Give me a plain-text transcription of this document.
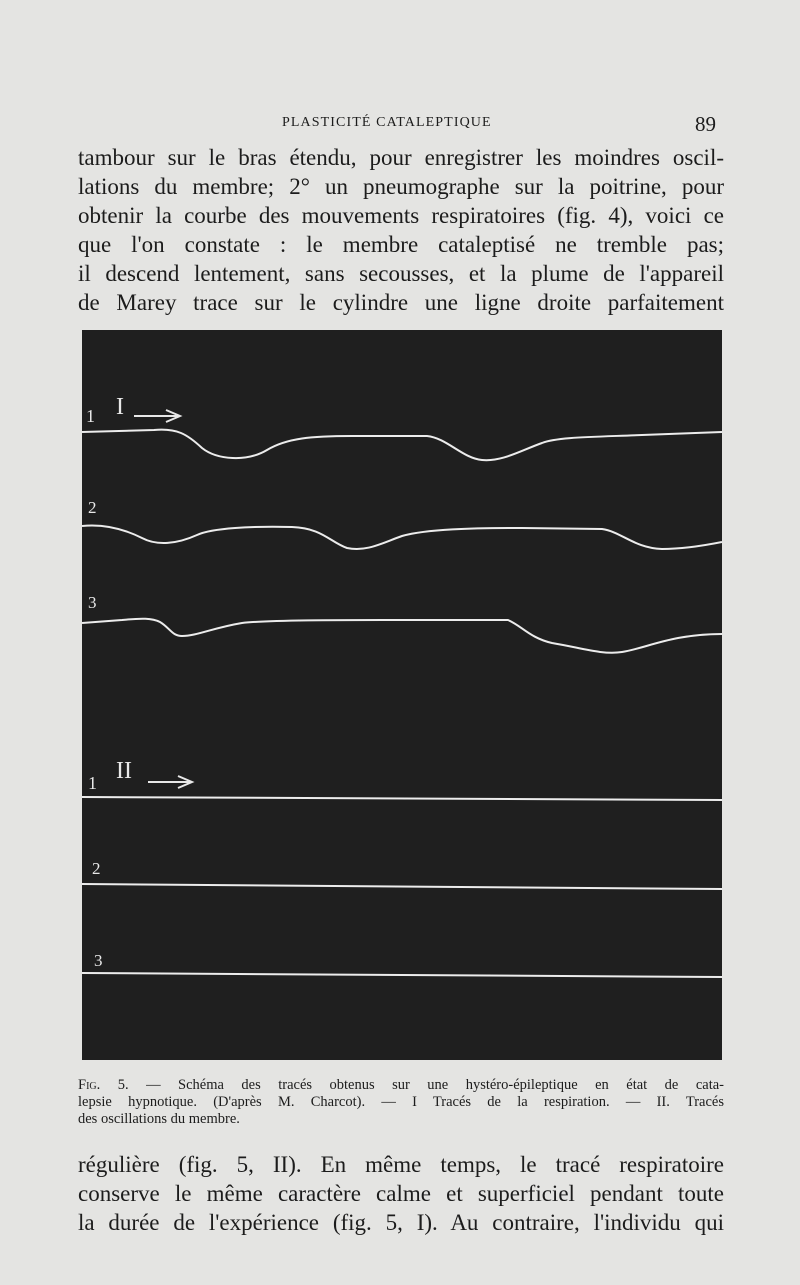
PLASTICITÉ CATALEPTIQUE	89
tambour sur le bras étendu, pour enregistrer les moindres oscil-
lations du membre; 2° un pneumographe sur la poitrine, pour
obtenir la courbe des mouvements respiratoires (fig. 4), voici ce
que l'on constate : le membre cataleptisé ne tremble pas;
il descend lentement, sans secousses, et la plume de l'appareil
de Marey trace sur le cylindre une ligne droite parfaitement
1 I
2
3
1 II
2
3
Fig. 5. — Schéma des tracés obtenus sur une hystéro-épileptique en état de cata-
lepsie hypnotique. (D'après M. Charcot). — I Tracés de la respiration. — II. Tracés
des oscillations du membre.
régulière (fig. 5, II). En même temps, le tracé respiratoire
conserve le même caractère calme et superficiel pendant toute
la durée de l'expérience (fig. 5, I). Au contraire, l'individu qui
